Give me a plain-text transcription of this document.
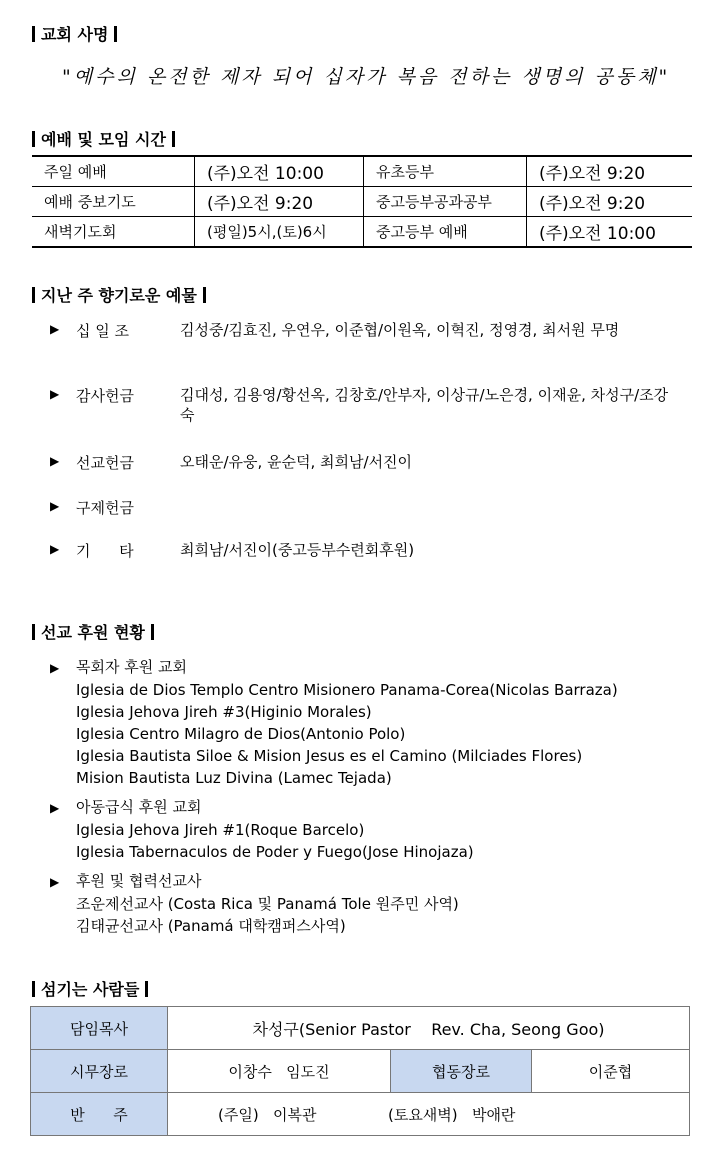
교회 사명
"예수의 온전한 제자 되어 십자가 복음 전하는 생명의 공동체"
예배 및 모임 시간
주일 예배	(주)오전 10:00	유초등부	(주)오전 9:20
예배 중보기도	(주)오전 9:20	중고등부공과공부	(주)오전 9:20
새벽기도회	(평일)5시,(토)6시	중고등부 예배	(주)오전 10:00
지난 주 향기로운 예물
▶	십 일 조	김성중/김효진, 우연우, 이준협/이원옥, 이혁진, 정영경, 최서원 무명
▶	감사헌금	김대성, 김용영/황선옥, 김창호/안부자, 이상규/노은경, 이재윤, 차성구/조강숙
▶	선교헌금	오태운/유웅, 윤순덕, 최희남/서진이
▶	구제헌금
▶	기      타	최희남/서진이(중고등부수련회후원)
선교 후원 현황
▶ 목회자 후원 교회
Iglesia de Dios Templo Centro Misionero Panama-Corea(Nicolas Barraza)
Iglesia Jehova Jireh #3(Higinio Morales)
Iglesia Centro Milagro de Dios(Antonio Polo)
Iglesia Bautista Siloe & Mision Jesus es el Camino (Milciades Flores)
Mision Bautista Luz Divina (Lamec Tejada)
▶ 아동급식 후원 교회
Iglesia Jehova Jireh #1(Roque Barcelo)
Iglesia Tabernaculos de Poder y Fuego(Jose Hinojaza)
▶ 후원 및 협력선교사
조운제선교사 (Costa Rica 및 Panamá Tole 원주민 사역)
김태균선교사 (Panamá 대학캠퍼스사역)
섬기는 사람들
담임목사	차성구(Senior Pastor    Rev. Cha, Seong Goo)		
시무장로	이창수   임도진	협동장로	이준협
반      주	(주일)   이복관               (토요새벽)   박애란		
